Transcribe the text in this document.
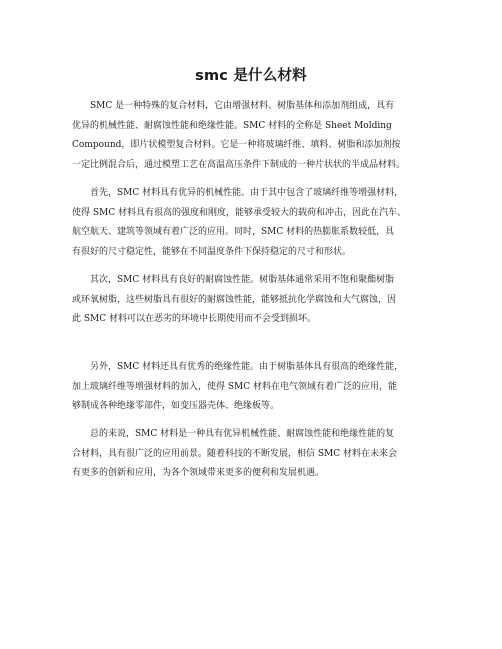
smc 是什么材料
SMC 是一种特殊的复合材料，它由增强材料、树脂基体和添加剂组成，具有
优异的机械性能、耐腐蚀性能和绝缘性能。SMC 材料的全称是 Sheet Molding
Compound，即片状模塑复合材料。它是一种将玻璃纤维、填料、树脂和添加剂按
一定比例混合后，通过模塑工艺在高温高压条件下制成的一种片状状的半成品材料。
首先，SMC 材料具有优异的机械性能。由于其中包含了玻璃纤维等增强材料，
使得 SMC 材料具有很高的强度和刚度，能够承受较大的载荷和冲击，因此在汽车、
航空航天、建筑等领域有着广泛的应用。同时，SMC 材料的热膨胀系数较低，具
有很好的尺寸稳定性，能够在不同温度条件下保持稳定的尺寸和形状。
其次，SMC 材料具有良好的耐腐蚀性能。树脂基体通常采用不饱和聚酯树脂
或环氧树脂，这些树脂具有很好的耐腐蚀性能，能够抵抗化学腐蚀和大气腐蚀，因
此 SMC 材料可以在恶劣的环境中长期使用而不会受到损坏。
另外，SMC 材料还具有优秀的绝缘性能。由于树脂基体具有很高的绝缘性能，
加上玻璃纤维等增强材料的加入，使得 SMC 材料在电气领域有着广泛的应用，能
够制成各种绝缘零部件，如变压器壳体、绝缘板等。
总的来说，SMC 材料是一种具有优异机械性能、耐腐蚀性能和绝缘性能的复
合材料，具有很广泛的应用前景。随着科技的不断发展，相信 SMC 材料在未来会
有更多的创新和应用，为各个领域带来更多的便利和发展机遇。
